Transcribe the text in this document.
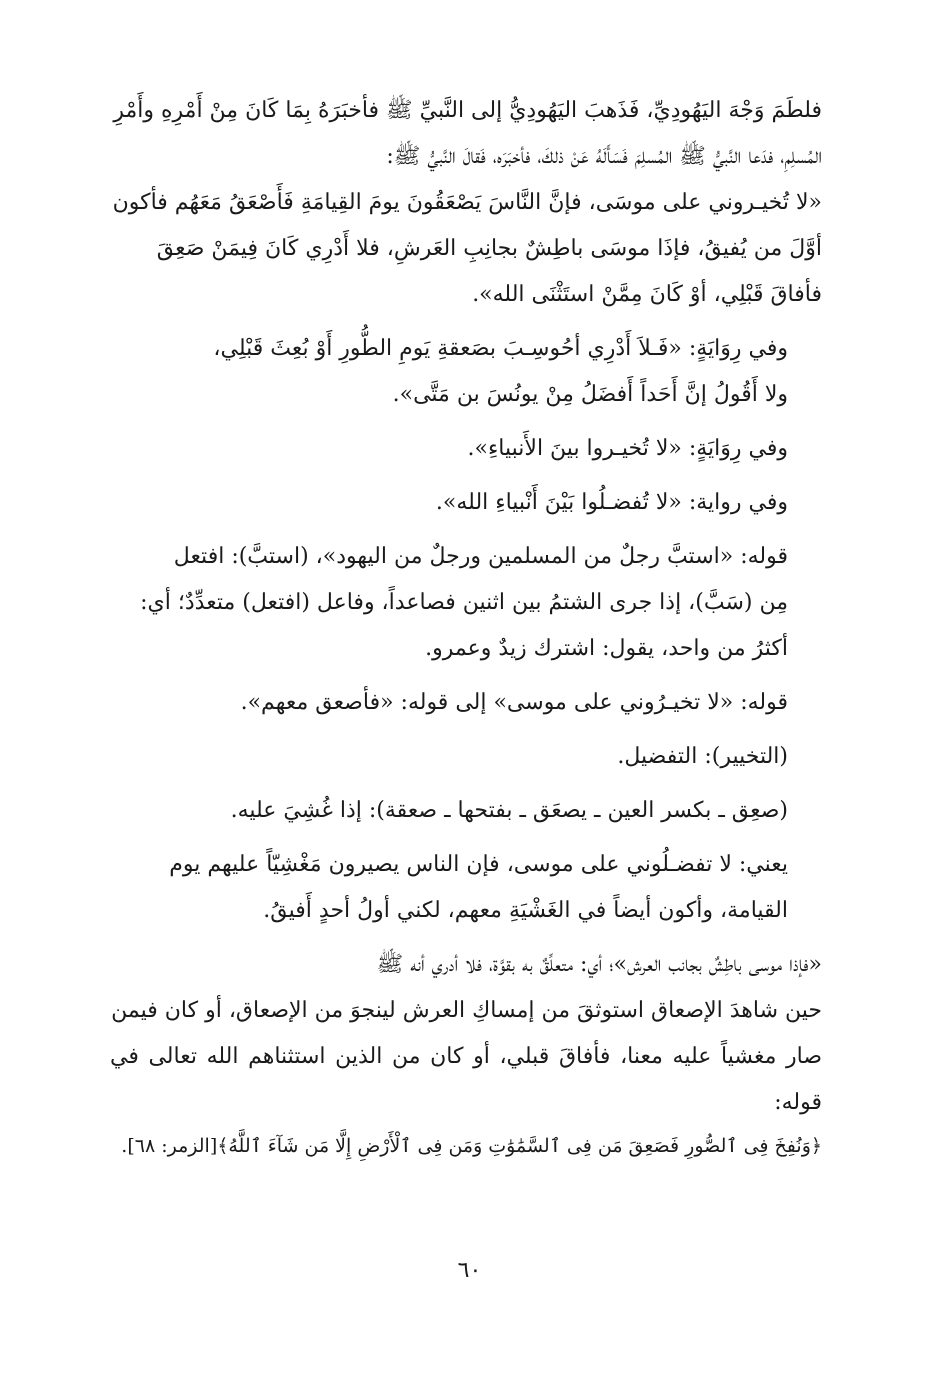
فلطَمَ وَجْهَ اليَهُودِيِّ، فَذَهبَ اليَهُودِيُّ إلى النَّبيِّ ﷺ فأخبَرَهُ بِمَا كَانَ مِنْ أَمْرِهِ وأَمْرِ
المُسلِمِ، فدَعا النَّبيُّ ﷺ المُسلِمَ فَسَأَلَهُ عَنْ ذلكَ، فأخبَرَه، فَقالَ النَّبيُّ ﷺ:
«لا تُخيـروني على موسَى، فإنَّ النَّاسَ يَصْعَقُونَ يومَ القِيامَةِ فَأَصْعَقُ مَعَهُم فأكون
أوَّلَ من يُفيقُ، فإذَا موسَى باطِشٌ بجانِبِ العَرشِ، فلا أَدْرِي كَانَ فِيمَنْ صَعِقَ
فأفاقَ قَبْلِي، أوْ كَانَ مِمَّنْ استَثْنَى الله».

وفي رِوَايَةٍ: «فَـلاَ أَدْرِي أحُوسِـبَ بصَعقةِ يَومِ الطُّورِ أَوْ بُعِثَ قَبْلِي،
ولا أَقُولُ إنَّ أَحَداً أَفضَلُ مِنْ يونُسَ بن مَتَّى».

وفي رِوَايَةٍ: «لا تُخيـروا بينَ الأَنبياءِ».

وفي رواية: «لا تُفضـلُوا بَيْنَ أَنْبياءِ الله».

قوله: «استبَّ رجلٌ من المسلمين ورجلٌ من اليهود»، (استبَّ): افتعل
مِن (سَبَّ)، إذا جرى الشتمُ بين اثنين فصاعداً، وفاعل (افتعل) متعدِّدٌ؛ أي:
أكثرُ من واحد، يقول: اشترك زيدٌ وعمرو.

قوله: «لا تخيـرُوني على موسى» إلى قوله: «فأصعق معهم».

(التخيير): التفضيل.

(صعِق ـ بكسر العين ـ يصعَق ـ بفتحها ـ صعقة): إذا غُشِيَ عليه.

يعني: لا تفضـلُوني على موسى، فإن الناس يصيرون مَغْشِيّاً عليهم يوم
القيامة، وأكون أيضاً في الغَشْيَةِ معهم، لكني أولُ أحدٍ أَفيقُ.

«فإذا موسى باطِشٌ بجانب العرش»؛ أي: متعلِّقٌ به بقوَّة، فلا أدري أنه ﷺ
حين شاهدَ الإصعاق استوثقَ من إمساكِ العرش لينجوَ من الإصعاق، أو كان فيمن
صار مغشياً عليه معنا، فأفاقَ قبلي، أو كان من الذين استثناهم الله تعالى في قوله:
﴿وَنُفِخَ فِى ٱلصُّورِ فَصَعِقَ مَن فِى ٱلسَّمَٰوَٰتِ وَمَن فِى ٱلْأَرْضِ إِلَّا مَن شَآءَ ٱللَّهُ﴾[الزمر: ٦٨].

٦٠
